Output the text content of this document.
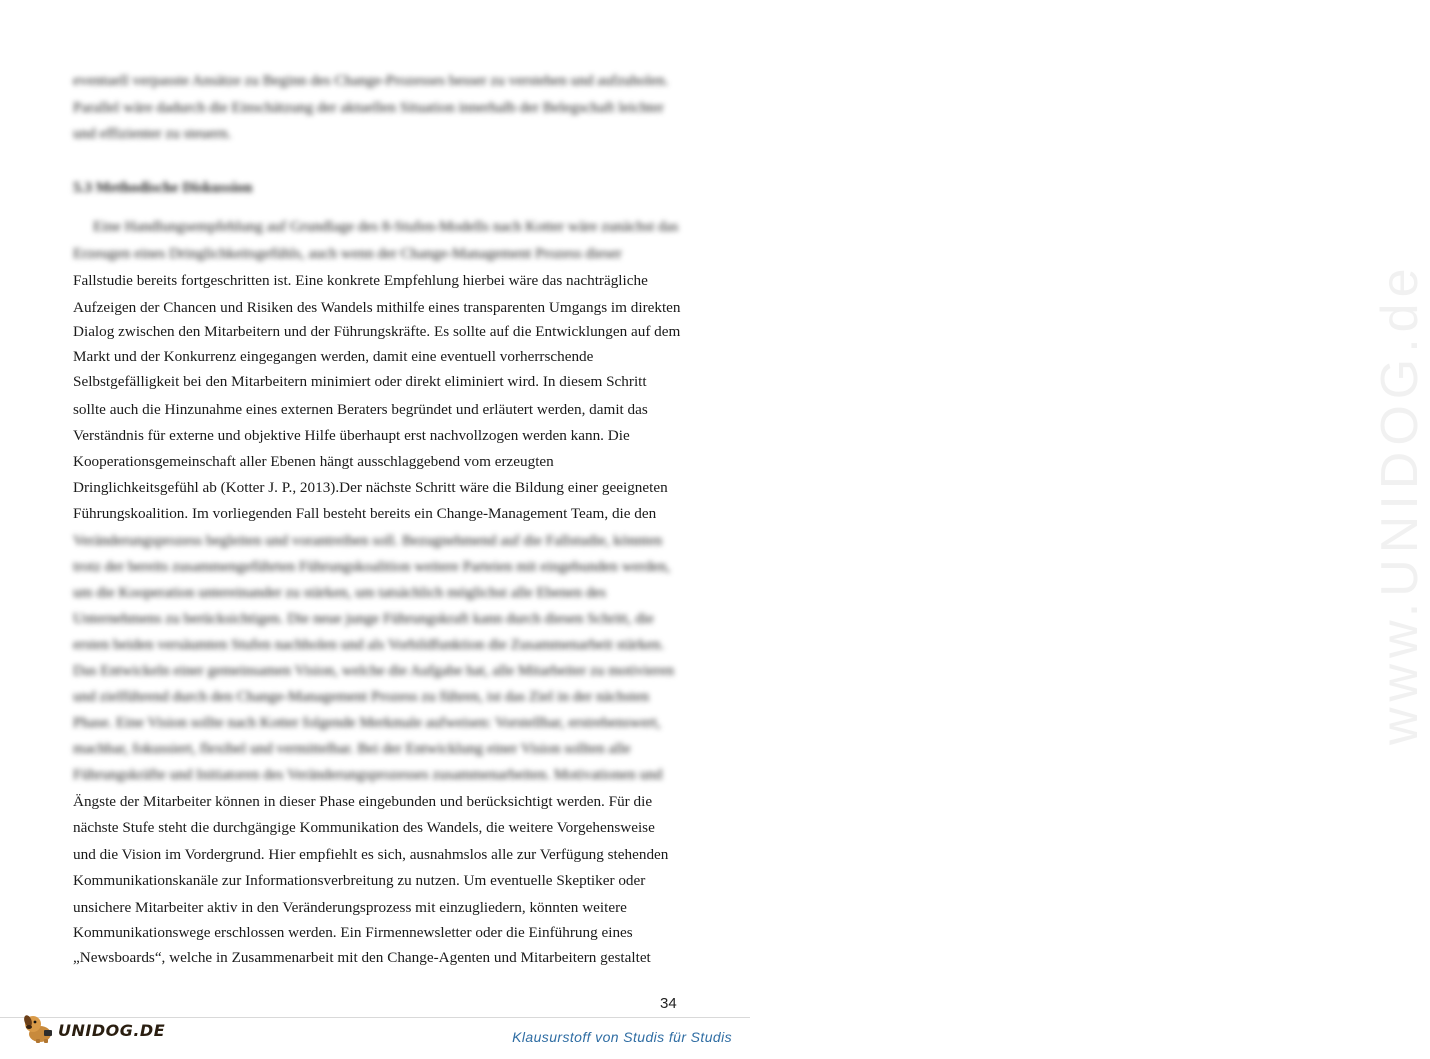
www.UNIDOG.de
eventuell verpasste Ansätze zu Beginn des Change-Prozesses besser zu verstehen und aufzuholen.
Parallel wäre dadurch die Einschätzung der aktuellen Situation innerhalb der Belegschaft leichter
und effizienter zu steuern.
5.3 Methodische Diskussion
Eine Handlungsempfehlung auf Grundlage des 8-Stufen-Modells nach Kotter wäre zunächst das
Erzeugen eines Dringlichkeitsgefühls, auch wenn der Change-Management Prozess dieser
Fallstudie bereits fortgeschritten ist. Eine konkrete Empfehlung hierbei wäre das nachträgliche
Aufzeigen der Chancen und Risiken des Wandels mithilfe eines transparenten Umgangs im direkten
Dialog zwischen den Mitarbeitern und der Führungskräfte. Es sollte auf die Entwicklungen auf dem
Markt und der Konkurrenz eingegangen werden, damit eine eventuell vorherrschende
Selbstgefälligkeit bei den Mitarbeitern minimiert oder direkt eliminiert wird. In diesem Schritt
sollte auch die Hinzunahme eines externen Beraters begründet und erläutert werden, damit das
Verständnis für externe und objektive Hilfe überhaupt erst nachvollzogen werden kann. Die
Kooperationsgemeinschaft aller Ebenen hängt ausschlaggebend vom erzeugten
Dringlichkeitsgefühl ab (Kotter J. P., 2013).Der nächste Schritt wäre die Bildung einer geeigneten
Führungskoalition. Im vorliegenden Fall besteht bereits ein Change-Management Team, die den
Veränderungsprozess begleiten und vorantreiben soll. Bezugnehmend auf die Fallstudie, könnten
trotz der bereits zusammengeführten Führungskoalition weitere Parteien mit eingebunden werden,
um die Kooperation untereinander zu stärken, um tatsächlich möglichst alle Ebenen des
Unternehmens zu berücksichtigen. Die neue junge Führungskraft kann durch diesen Schritt, die
ersten beiden versäumten Stufen nachholen und als Vorbildfunktion die Zusammenarbeit stärken.
Das Entwickeln einer gemeinsamen Vision, welche die Aufgabe hat, alle Mitarbeiter zu motivieren
und zielführend durch den Change-Management Prozess zu führen, ist das Ziel in der nächsten
Phase. Eine Vision sollte nach Kotter folgende Merkmale aufweisen: Vorstellbar, erstrebenswert,
machbar, fokussiert, flexibel und vermittelbar. Bei der Entwicklung einer Vision sollten alle
Führungskräfte und Initiatoren des Veränderungsprozesses zusammenarbeiten. Motivationen und
Ängste der Mitarbeiter können in dieser Phase eingebunden und berücksichtigt werden. Für die
nächste Stufe steht die durchgängige Kommunikation des Wandels, die weitere Vorgehensweise
und die Vision im Vordergrund. Hier empfiehlt es sich, ausnahmslos alle zur Verfügung stehenden
Kommunikationskanäle zur Informationsverbreitung zu nutzen. Um eventuelle Skeptiker oder
unsichere Mitarbeiter aktiv in den Veränderungsprozess mit einzugliedern, könnten weitere
Kommunikationswege erschlossen werden. Ein Firmennewsletter oder die Einführung eines
„Newsboards“, welche in Zusammenarbeit mit den Change-Agenten und Mitarbeitern gestaltet
34
UNIDOG.DE	Klausurstoff von Studis für Studis
